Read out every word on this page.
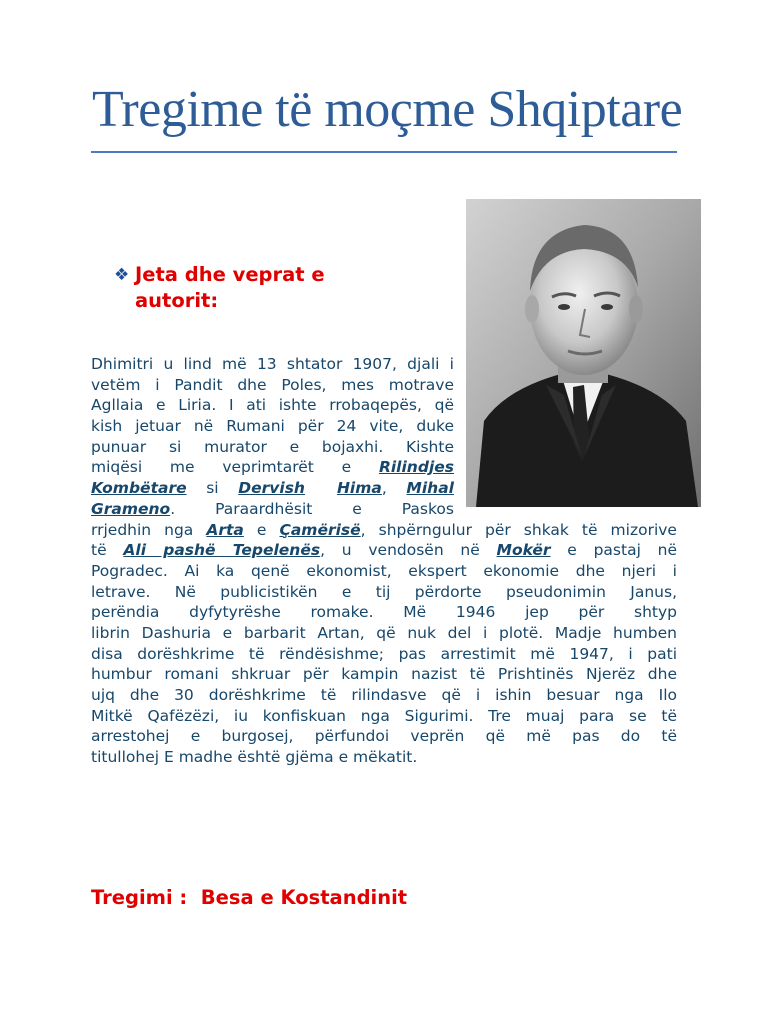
Tregime të moçme Shqiptare
❖ Jeta dhe veprat e
autorit:
Dhimitri u lind më 13 shtator 1907, djali i
vetëm i Pandit dhe Poles, mes motrave
Agllaia e Liria. I ati ishte rrobaqepës, që
kish jetuar në Rumani për 24 vite, duke
punuar si murator e bojaxhi. Kishte
miqësi me veprimtarët e Rilindjes
Kombëtare si Dervish Hima, Mihal
Grameno. Paraardhësit e Paskos
rrjedhin nga Arta e Çamërisë, shpërngulur për shkak të mizorive
të Ali pashë Tepelenës, u vendosën në Mokër e pastaj në
Pogradec. Ai ka qenë ekonomist, ekspert ekonomie dhe njeri i
letrave. Në publicistikën e tij përdorte pseudonimin Janus,
perëndia dyfytyrëshe romake. Më 1946 jep për shtyp
librin Dashuria e barbarit Artan, që nuk del i plotë. Madje humben
disa dorëshkrime të rëndësishme; pas arrestimit më 1947, i pati
humbur romani shkruar për kampin nazist të Prishtinës Njerëz dhe
ujq dhe 30 dorëshkrime të rilindasve që i ishin besuar nga Ilo
Mitkë Qafëzëzi, iu konfiskuan nga Sigurimi. Tre muaj para se të
arrestohej e burgosej, përfundoi veprën që më pas do të
titullohej E madhe është gjëma e mëkatit.
Tregimi :  Besa e Kostandinit
